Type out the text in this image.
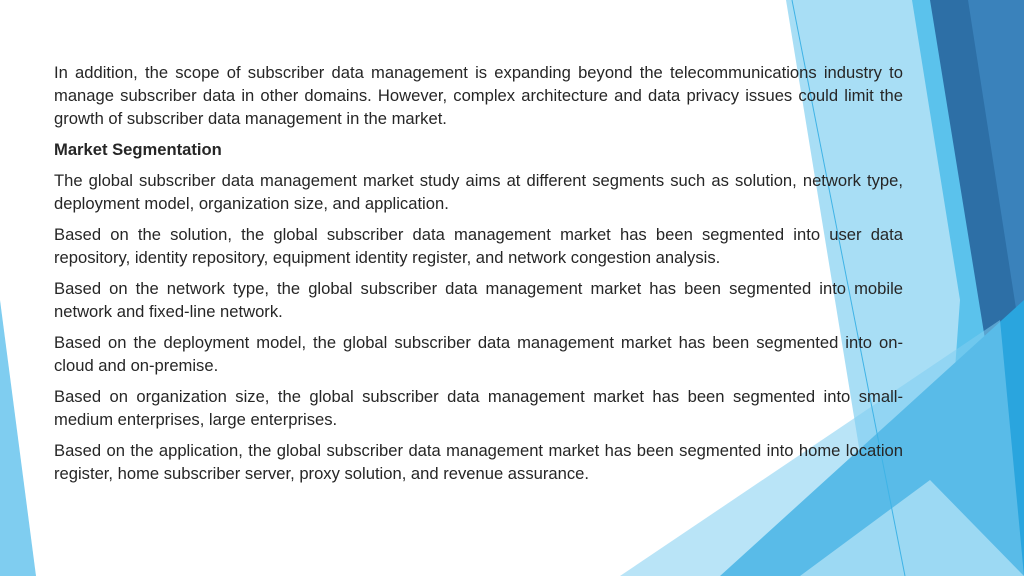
In addition, the scope of subscriber data management is expanding beyond the telecommunications industry to manage subscriber data in other domains. However, complex architecture and data privacy issues could limit the growth of subscriber data management in the market.

Market Segmentation

The global subscriber data management market study aims at different segments such as solution, network type, deployment model, organization size, and application.

Based on the solution, the global subscriber data management market has been segmented into user data repository, identity repository, equipment identity register, and network congestion analysis.

Based on the network type, the global subscriber data management market has been segmented into mobile network and fixed-line network.

Based on the deployment model, the global subscriber data management market has been segmented into on-cloud and on-premise.

Based on organization size, the global subscriber data management market has been segmented into small-medium enterprises, large enterprises.

Based on the application, the global subscriber data management market has been segmented into home location register, home subscriber server, proxy solution, and revenue assurance.
